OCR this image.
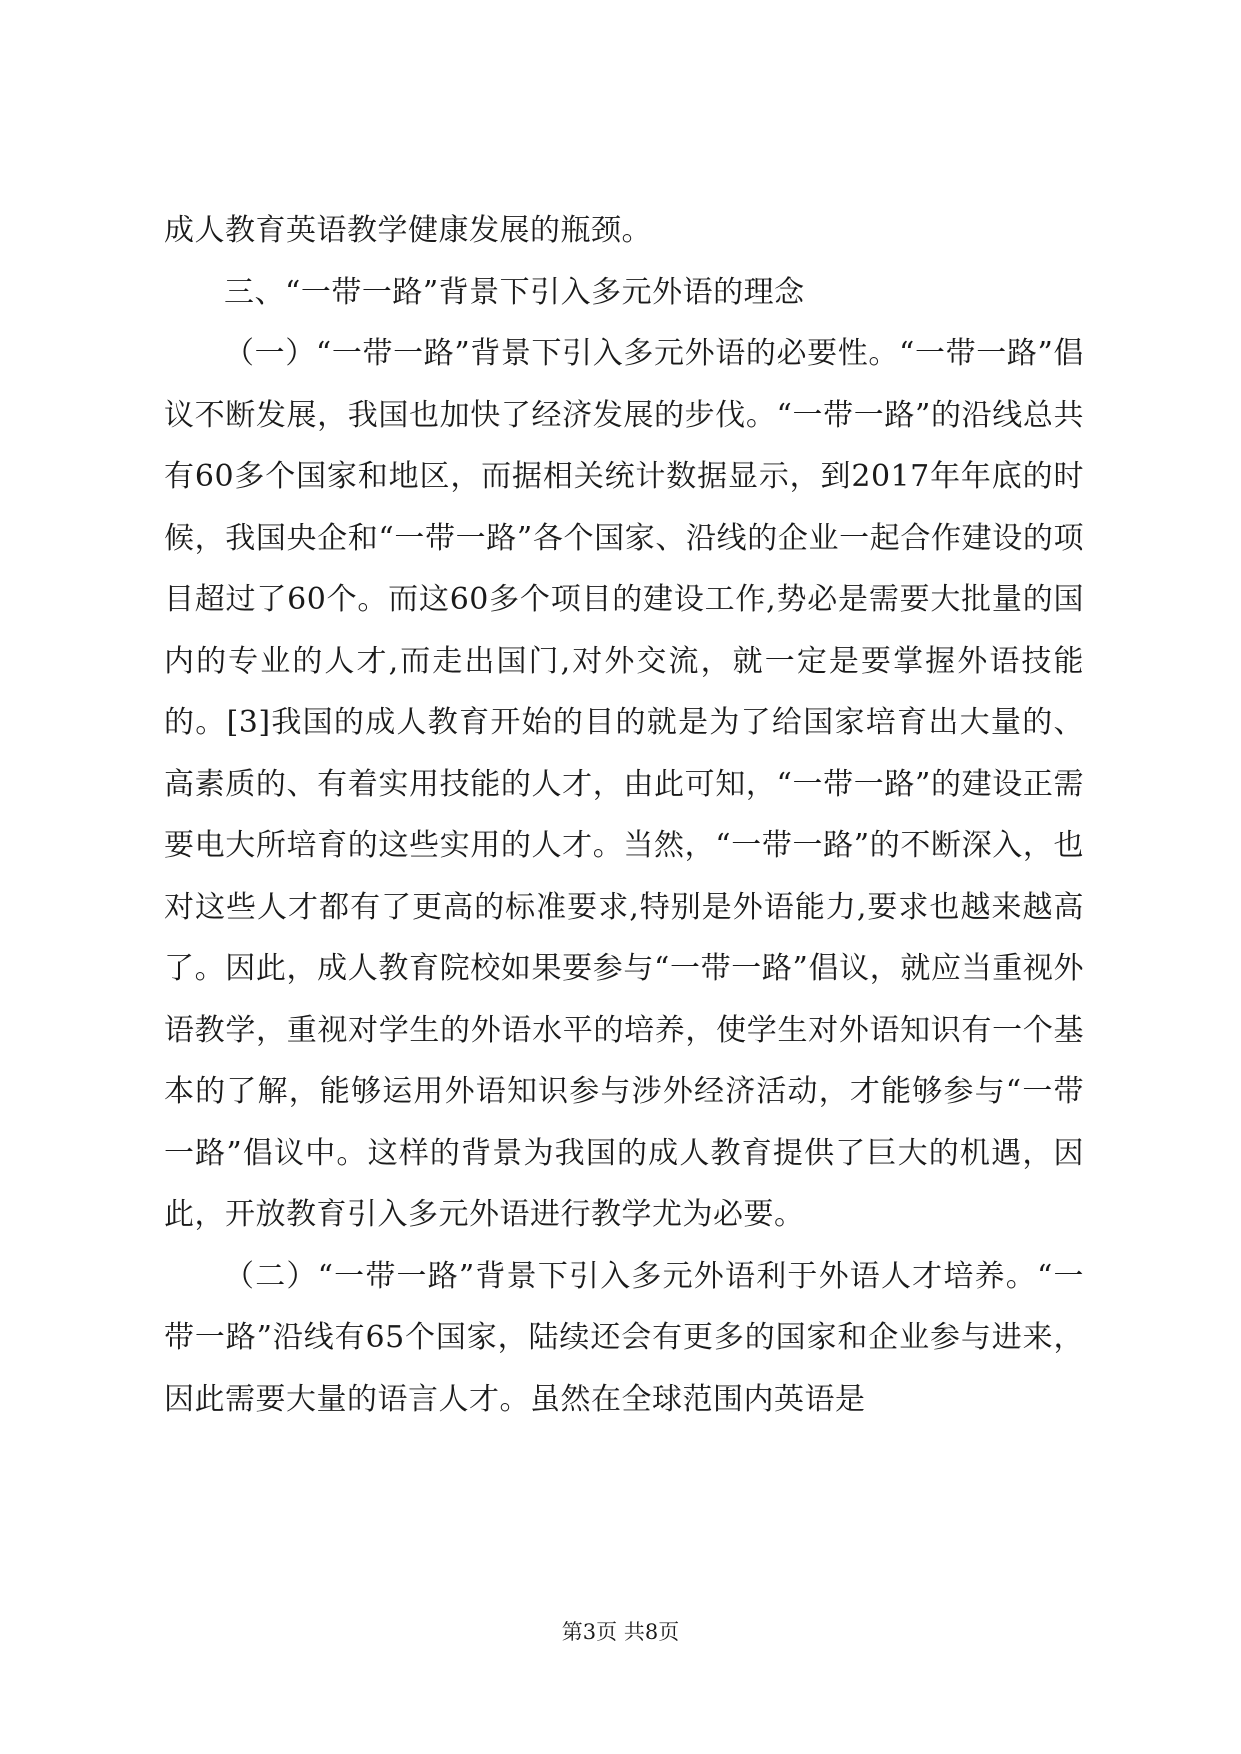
成人教育英语教学健康发展的瓶颈。

三、“一带一路”背景下引入多元外语的理念

（一）“一带一路”背景下引入多元外语的必要性。“一带一路”倡议不断发展，我国也加快了经济发展的步伐。“一带一路”的沿线总共有60多个国家和地区，而据相关统计数据显示，到2017年年底的时候，我国央企和“一带一路”各个国家、沿线的企业一起合作建设的项目超过了60个。而这60多个项目的建设工作,势必是需要大批量的国内的专业的人才,而走出国门,对外交流，就一定是要掌握外语技能的。[3]我国的成人教育开始的目的就是为了给国家培育出大量的、高素质的、有着实用技能的人才，由此可知，“一带一路”的建设正需要电大所培育的这些实用的人才。当然，“一带一路”的不断深入，也对这些人才都有了更高的标准要求,特别是外语能力,要求也越来越高了。因此，成人教育院校如果要参与“一带一路”倡议，就应当重视外语教学，重视对学生的外语水平的培养，使学生对外语知识有一个基本的了解，能够运用外语知识参与涉外经济活动，才能够参与“一带一路”倡议中。这样的背景为我国的成人教育提供了巨大的机遇，因此，开放教育引入多元外语进行教学尤为必要。

（二）“一带一路”背景下引入多元外语利于外语人才培养。“一带一路”沿线有65个国家，陆续还会有更多的国家和企业参与进来，因此需要大量的语言人才。虽然在全球范围内英语是

第3页 共8页
